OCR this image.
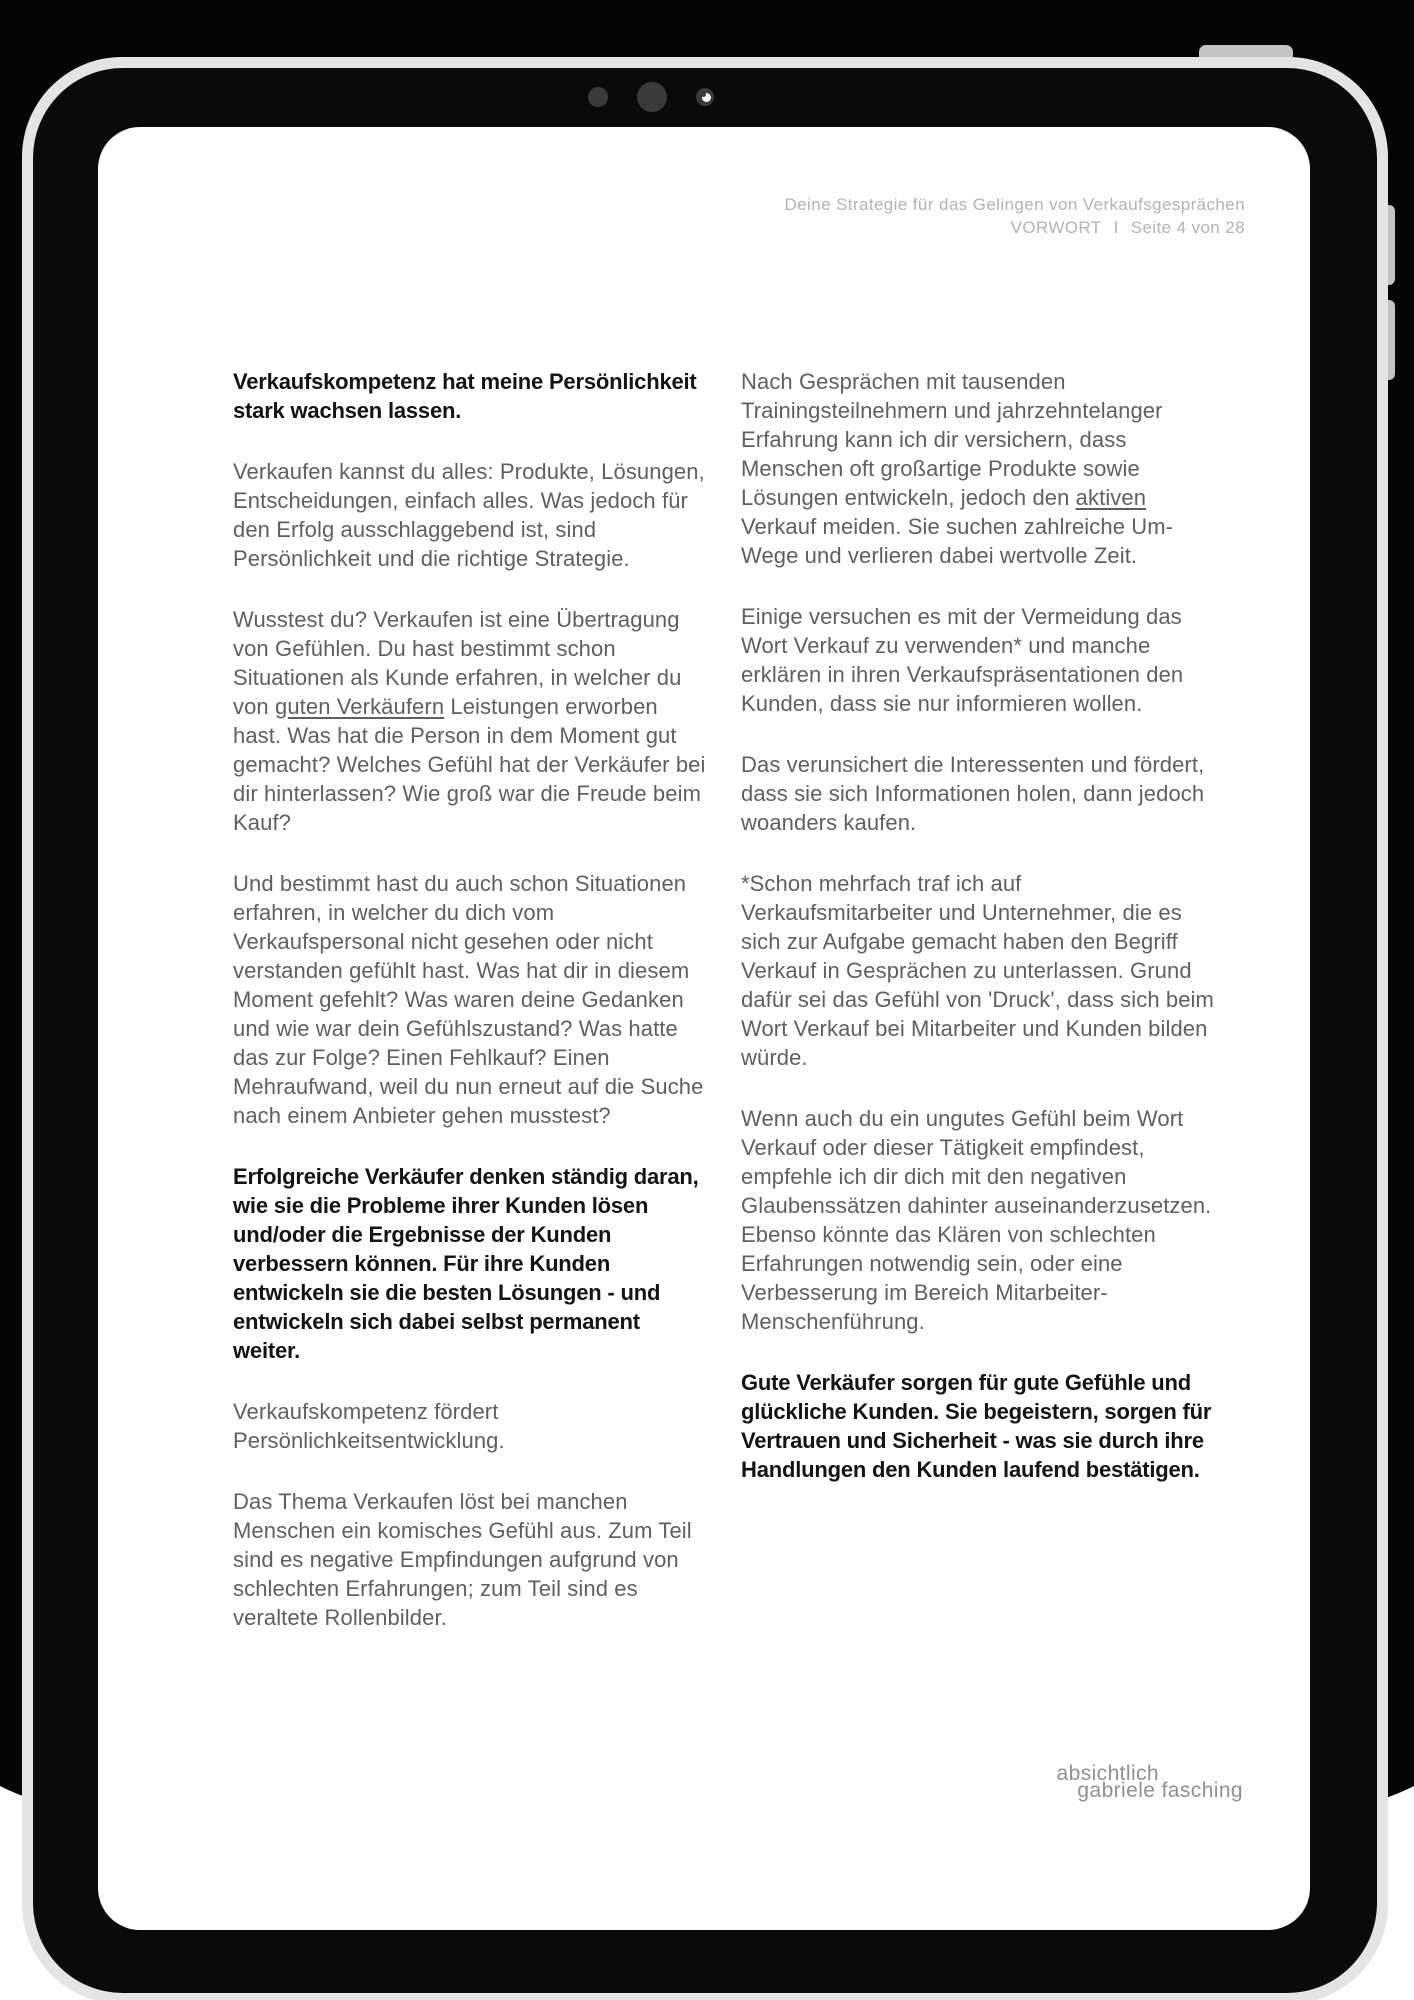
Deine Strategie für das Gelingen von Verkaufsgesprächen
VORWORT I Seite 4 von 28

Verkaufskompetenz hat meine Persönlichkeit stark wachsen lassen.

Verkaufen kannst du alles: Produkte, Lösungen, Entscheidungen, einfach alles. Was jedoch für den Erfolg ausschlaggebend ist, sind Persönlichkeit und die richtige Strategie.

Wusstest du? Verkaufen ist eine Übertragung von Gefühlen. Du hast bestimmt schon Situationen als Kunde erfahren, in welcher du von guten Verkäufern Leistungen erworben hast. Was hat die Person in dem Moment gut gemacht? Welches Gefühl hat der Verkäufer bei dir hinterlassen? Wie groß war die Freude beim Kauf?

Und bestimmt hast du auch schon Situationen erfahren, in welcher du dich vom Verkaufspersonal nicht gesehen oder nicht verstanden gefühlt hast. Was hat dir in diesem Moment gefehlt? Was waren deine Gedanken und wie war dein Gefühlszustand? Was hatte das zur Folge? Einen Fehlkauf? Einen Mehraufwand, weil du nun erneut auf die Suche nach einem Anbieter gehen musstest?

Erfolgreiche Verkäufer denken ständig daran, wie sie die Probleme ihrer Kunden lösen und/oder die Ergebnisse der Kunden verbessern können. Für ihre Kunden entwickeln sie die besten Lösungen - und entwickeln sich dabei selbst permanent weiter.

Verkaufskompetenz fördert Persönlichkeitsentwicklung.

Das Thema Verkaufen löst bei manchen Menschen ein komisches Gefühl aus. Zum Teil sind es negative Empfindungen aufgrund von schlechten Erfahrungen; zum Teil sind es veraltete Rollenbilder.

Nach Gesprächen mit tausenden Trainingsteilnehmern und jahrzehntelanger Erfahrung kann ich dir versichern, dass Menschen oft großartige Produkte sowie Lösungen entwickeln, jedoch den aktiven Verkauf meiden. Sie suchen zahlreiche Um-Wege und verlieren dabei wertvolle Zeit.

Einige versuchen es mit der Vermeidung das Wort Verkauf zu verwenden* und manche erklären in ihren Verkaufspräsentationen den Kunden, dass sie nur informieren wollen.

Das verunsichert die Interessenten und fördert, dass sie sich Informationen holen, dann jedoch woanders kaufen.

*Schon mehrfach traf ich auf Verkaufsmitarbeiter und Unternehmer, die es sich zur Aufgabe gemacht haben den Begriff Verkauf in Gesprächen zu unterlassen. Grund dafür sei das Gefühl von 'Druck', dass sich beim Wort Verkauf bei Mitarbeiter und Kunden bilden würde.

Wenn auch du ein ungutes Gefühl beim Wort Verkauf oder dieser Tätigkeit empfindest, empfehle ich dir dich mit den negativen Glaubenssätzen dahinter auseinanderzusetzen. Ebenso könnte das Klären von schlechten Erfahrungen notwendig sein, oder eine Verbesserung im Bereich Mitarbeiter-Menschenführung.

Gute Verkäufer sorgen für gute Gefühle und glückliche Kunden. Sie begeistern, sorgen für Vertrauen und Sicherheit - was sie durch ihre Handlungen den Kunden laufend bestätigen.

absichtlich
gabriele fasching
